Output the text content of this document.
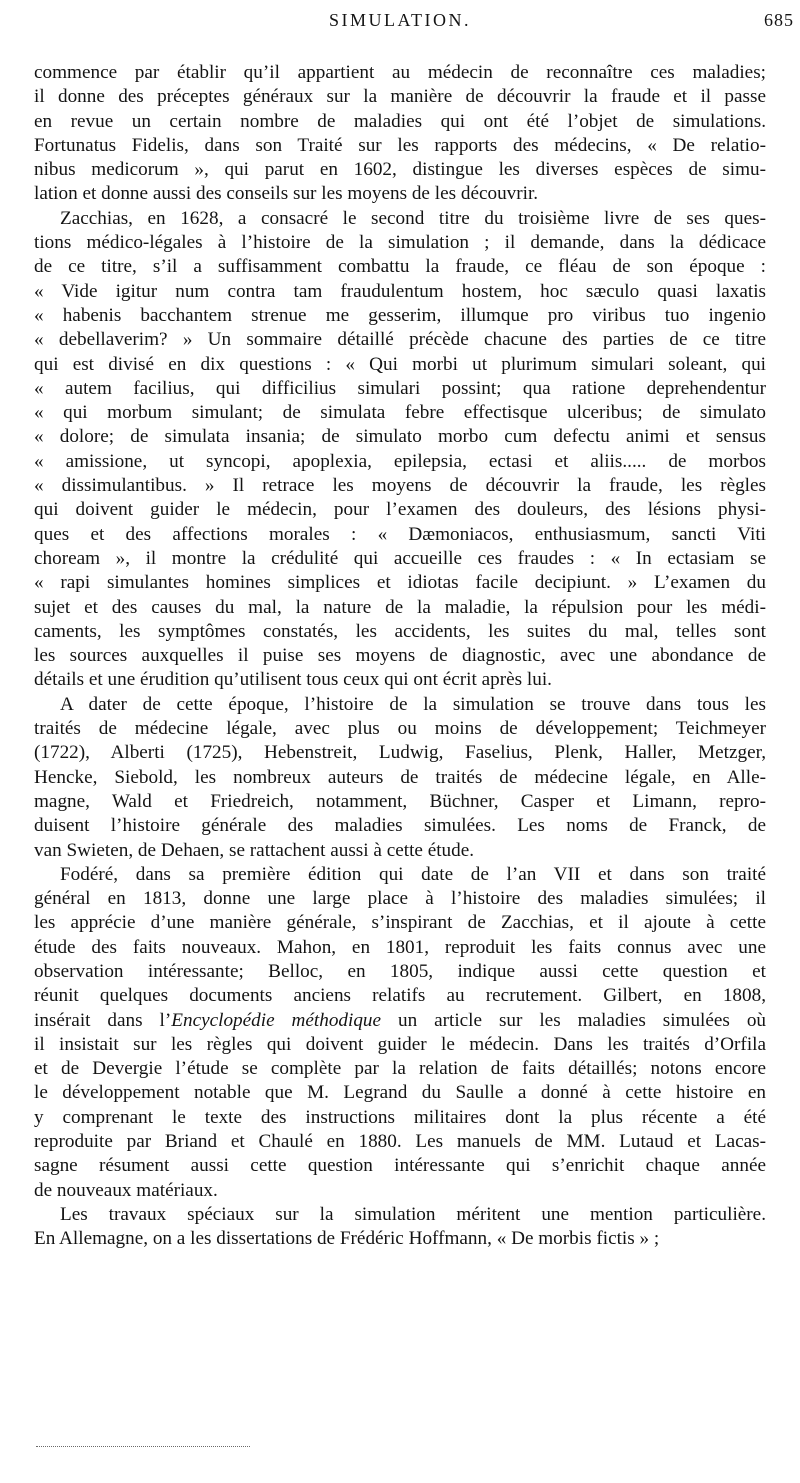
SIMULATION.	685
commence par établir qu’il appartient au médecin de reconnaître ces maladies;
il donne des préceptes généraux sur la manière de découvrir la fraude et il passe
en revue un certain nombre de maladies qui ont été l’objet de simulations.
Fortunatus Fidelis, dans son Traité sur les rapports des médecins, « De relatio-
nibus medicorum », qui parut en 1602, distingue les diverses espèces de simu-
lation et donne aussi des conseils sur les moyens de les découvrir.
Zacchias, en 1628, a consacré le second titre du troisième livre de ses ques-
tions médico-légales à l’histoire de la simulation ; il demande, dans la dédicace
de ce titre, s’il a suffisamment combattu la fraude, ce fléau de son époque :
« Vide igitur num contra tam fraudulentum hostem, hoc sæculo quasi laxatis
« habenis bacchantem strenue me gesserim, illumque pro viribus tuo ingenio
« debellaverim? » Un sommaire détaillé précède chacune des parties de ce titre
qui est divisé en dix questions : « Qui morbi ut plurimum simulari soleant, qui
« autem facilius, qui difficilius simulari possint; qua ratione deprehendentur
« qui morbum simulant; de simulata febre effectisque ulceribus; de simulato
« dolore; de simulata insania; de simulato morbo cum defectu animi et sensus
« amissione, ut syncopi, apoplexia, epilepsia, ectasi et aliis..... de morbos
« dissimulantibus. » Il retrace les moyens de découvrir la fraude, les règles
qui doivent guider le médecin, pour l’examen des douleurs, des lésions physi-
ques et des affections morales : « Dæmoniacos, enthusiasmum, sancti Viti
choream », il montre la crédulité qui accueille ces fraudes : « In ectasiam se
« rapi simulantes homines simplices et idiotas facile decipiunt. » L’examen du
sujet et des causes du mal, la nature de la maladie, la répulsion pour les médi-
caments, les symptômes constatés, les accidents, les suites du mal, telles sont
les sources auxquelles il puise ses moyens de diagnostic, avec une abondance de
détails et une érudition qu’utilisent tous ceux qui ont écrit après lui.
A dater de cette époque, l’histoire de la simulation se trouve dans tous les
traités de médecine légale, avec plus ou moins de développement; Teichmeyer
(1722), Alberti (1725), Hebenstreit, Ludwig, Faselius, Plenk, Haller, Metzger,
Hencke, Siebold, les nombreux auteurs de traités de médecine légale, en Alle-
magne, Wald et Friedreich, notamment, Büchner, Casper et Limann, repro-
duisent l’histoire générale des maladies simulées. Les noms de Franck, de
van Swieten, de Dehaen, se rattachent aussi à cette étude.
Fodéré, dans sa première édition qui date de l’an VII et dans son traité
général en 1813, donne une large place à l’histoire des maladies simulées; il
les apprécie d’une manière générale, s’inspirant de Zacchias, et il ajoute à cette
étude des faits nouveaux. Mahon, en 1801, reproduit les faits connus avec une
observation intéressante; Belloc, en 1805, indique aussi cette question et
réunit quelques documents anciens relatifs au recrutement. Gilbert, en 1808,
insérait dans l’Encyclopédie méthodique un article sur les maladies simulées où
il insistait sur les règles qui doivent guider le médecin. Dans les traités d’Orfila
et de Devergie l’étude se complète par la relation de faits détaillés; notons encore
le développement notable que M. Legrand du Saulle a donné à cette histoire en
y comprenant le texte des instructions militaires dont la plus récente a été
reproduite par Briand et Chaulé en 1880. Les manuels de MM. Lutaud et Lacas-
sagne résument aussi cette question intéressante qui s’enrichit chaque année
de nouveaux matériaux.
Les travaux spéciaux sur la simulation méritent une mention particulière.
En Allemagne, on a les dissertations de Frédéric Hoffmann, « De morbis fictis » ;
